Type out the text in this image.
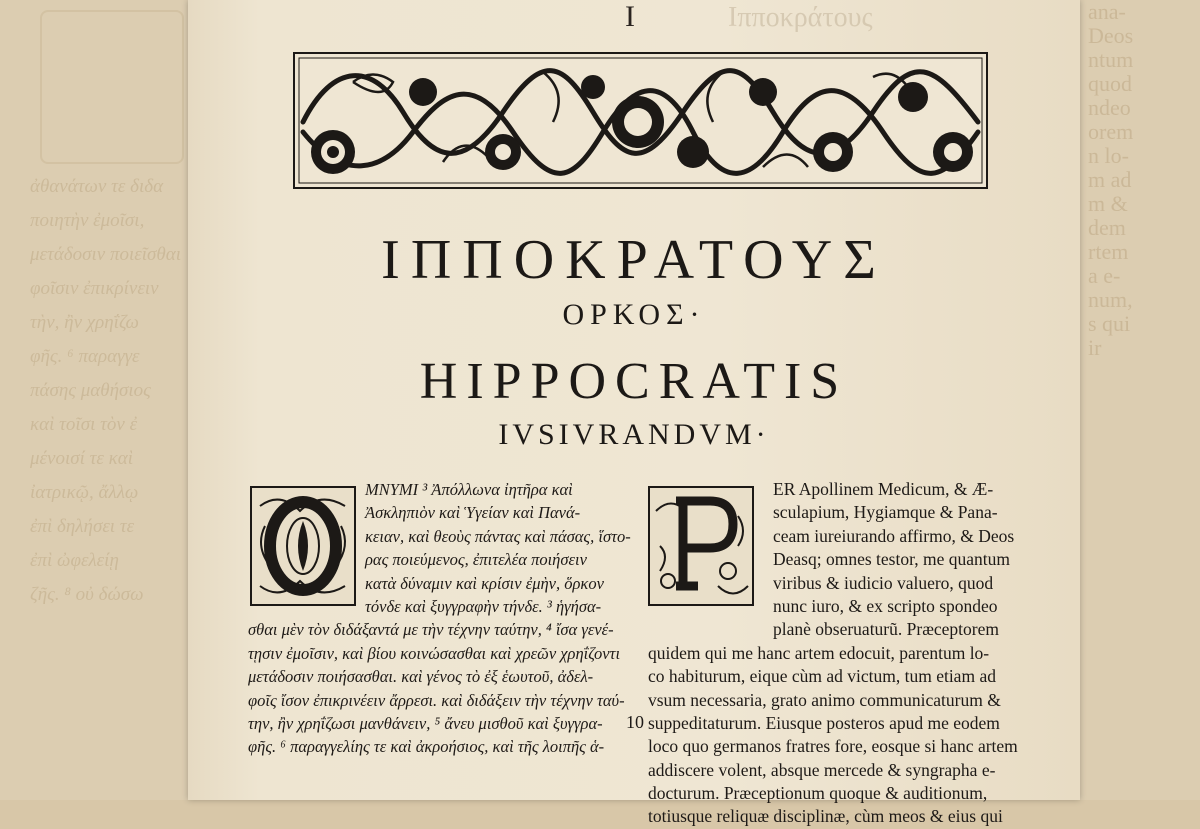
ἀθανάτων τε διδα
ποιητὴν ἐμοῖσι,
μετάδοσιν ποιεῖσθαι
φοῖσιν ἐπικρίνειν
τὴν, ἢν χρηΐζω
φῆς. ⁶ παραγγε
πάσης μαθήσιος
καὶ τοῖσι τὸν ἐ
μένοισί τε καὶ
ἰατρικῷ, ἄλλῳ
ἐπὶ δηλήσει τε
ἐπὶ ὠφελείῃ
ζῆς. ⁸ οὐ δώσω
ana-
Deos
ntum
quod
ndeo
orem
n lo-
m ad
m &
dem
rtem
a e-
num,
s qui
ir
I	Ιπποκράτους
ΙΠΠΟΚΡΑΤΟΥΣ
ΟΡΚΟΣ·
HIPPOCRATIS
IVSIVRANDVM·
ΜΝΥΜΙ ³ Ἀπόλλωνα ἰητῆρα καὶ
Ἀσκληπιὸν καὶ Ὑγείαν καὶ Πανά-
κειαν, καὶ θεοὺς πάντας καὶ πάσας, ἵστο-
ρας ποιεύμενος, ἐπιτελέα ποιήσειν
κατὰ δύναμιν καὶ κρίσιν ἐμὴν, ὅρκον
τόνδε καὶ ξυγγραφὴν τήνδε. ³ ἡγήσα-
σθαι μὲν τὸν διδάξαντά με τὴν τέχνην ταύτην, ⁴ ἴσα γενέ-
τῃσιν ἐμοῖσιν, καὶ βίου κοινώσασθαι καὶ χρεῶν χρηΐζοντι
μετάδοσιν ποιήσασθαι. καὶ γένος τὸ ἐξ ἑωυτοῦ, ἀδελ-
φοῖς ἴσον ἐπικρινέειν ἄρρεσι. καὶ διδάξειν τὴν τέχνην ταύ-
την, ἢν χρηΐζωσι μανθάνειν, ⁵ ἄνευ μισθοῦ καὶ ξυγγρα-
φῆς. ⁶ παραγγελίης τε καὶ ἀκροήσιος, καὶ τῆς λοιπῆς ἁ-
10
ER Apollinem Medicum, & Æ-
sculapium, Hygiamque & Pana-
ceam iureiurando affirmo, & Deos
Deasq; omnes testor, me quantum
viribus & iudicio valuero, quod
nunc iuro, & ex scripto spondeo
planè obseruaturũ. Præceptorem
quidem qui me hanc artem edocuit, parentum lo-
co habiturum, eique cùm ad victum, tum etiam ad
vsum necessaria, grato animo communicaturum &
suppeditaturum. Eiusque posteros apud me eodem
loco quo germanos fratres fore, eosque si hanc artem
addiscere volent, absque mercede & syngrapha e-
docturum. Præceptionum quoque & auditionum,
totiusque reliquæ disciplinæ, cùm meos & eius qui
